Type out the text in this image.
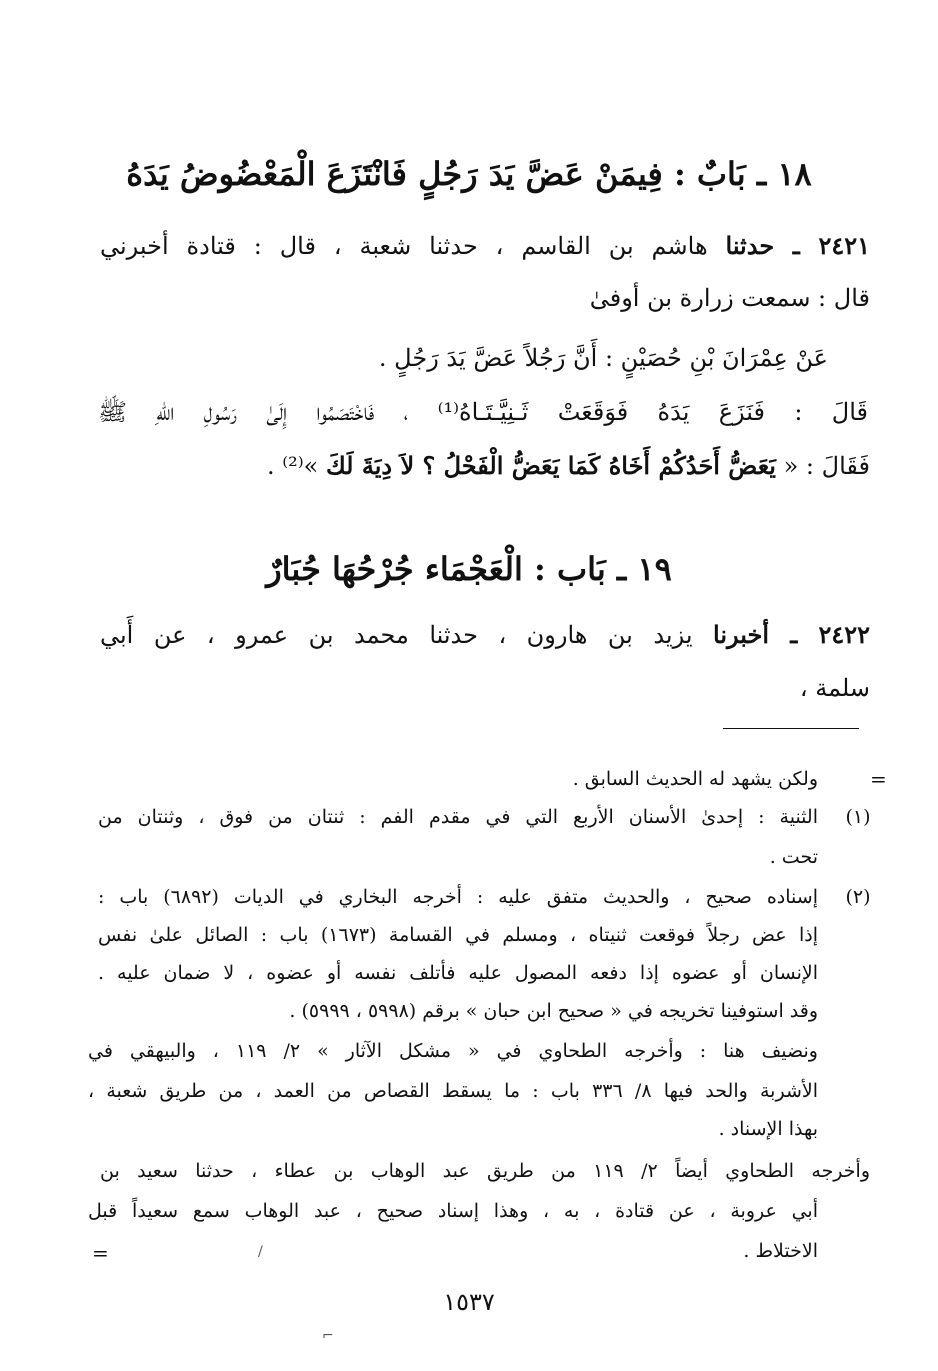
١٨ ـ بَابٌ : فِيمَنْ عَضَّ يَدَ رَجُلٍ فَانْتَزَعَ الْمَعْضُوضُ يَدَهُ
٢٤٢١ ـ حدثنا هاشم بن القاسم ، حدثنا شعبة ، قال : قتادة أخبرني
قال : سمعت زرارة بن أوفىٰ
عَنْ عِمْرَانَ بْنِ حُصَيْنٍ : أَنَّ رَجُلاً عَضَّ يَدَ رَجُلٍ .
قَالَ : فَنَزَعَ يَدَهُ فَوَقَعَتْ ثَـنِيَّـتَـاهُ⁽¹⁾ ، فَاخْتَصَمُوا إِلَىٰ رَسُولِ اللهِ ﷺ
فَقَالَ : « يَعَضُّ أَحَدُكُمْ أَخَاهُ كَمَا يَعَضُّ الْفَحْلُ ؟ لاَ دِيَةَ لَكَ »⁽²⁾ .
١٩ ـ بَاب : الْعَجْمَاء جُرْحُهَا جُبَارٌ
٢٤٢٢ ـ أخبرنا يزيد بن هارون ، حدثنا محمد بن عمرو ، عن أَبي
سلمة ،
=
ولكن يشهد له الحديث السابق .
(١)
الثنية : إحدىٰ الأسنان الأربع التي في مقدم الفم : ثنتان من فوق ، وثنتان من
تحت .
(٢)
إسناده صحيح ، والحديث متفق عليه : أخرجه البخاري في الديات (٦٨٩٢) باب :
إذا عض رجلاً فوقعت ثنيتاه ، ومسلم في القسامة (١٦٧٣) باب : الصائل علىٰ نفس
الإنسان أو عضوه إذا دفعه المصول عليه فأتلف نفسه أو عضوه ، لا ضمان عليه .
وقد استوفينا تخريجه في « صحيح ابن حبان » برقم (٥٩٩٨ ، ٥٩٩٩) .
ونضيف هنا : وأخرجه الطحاوي في « مشكل الآثار » ٢/ ١١٩ ، والبيهقي في
الأشربة والحد فيها ٨/ ٣٣٦ باب : ما يسقط القصاص من العمد ، من طريق شعبة ،
بهذا الإسناد .
وأخرجه الطحاوي أيضاً ٢/ ١١٩ من طريق عبد الوهاب بن عطاء ، حدثنا سعيد بن
أبي عروبة ، عن قتادة ، به ، وهذا إسناد صحيح ، عبد الوهاب سمع سعيداً قبل
الاختلاط .
=
١٥٣٧
/
⌐
